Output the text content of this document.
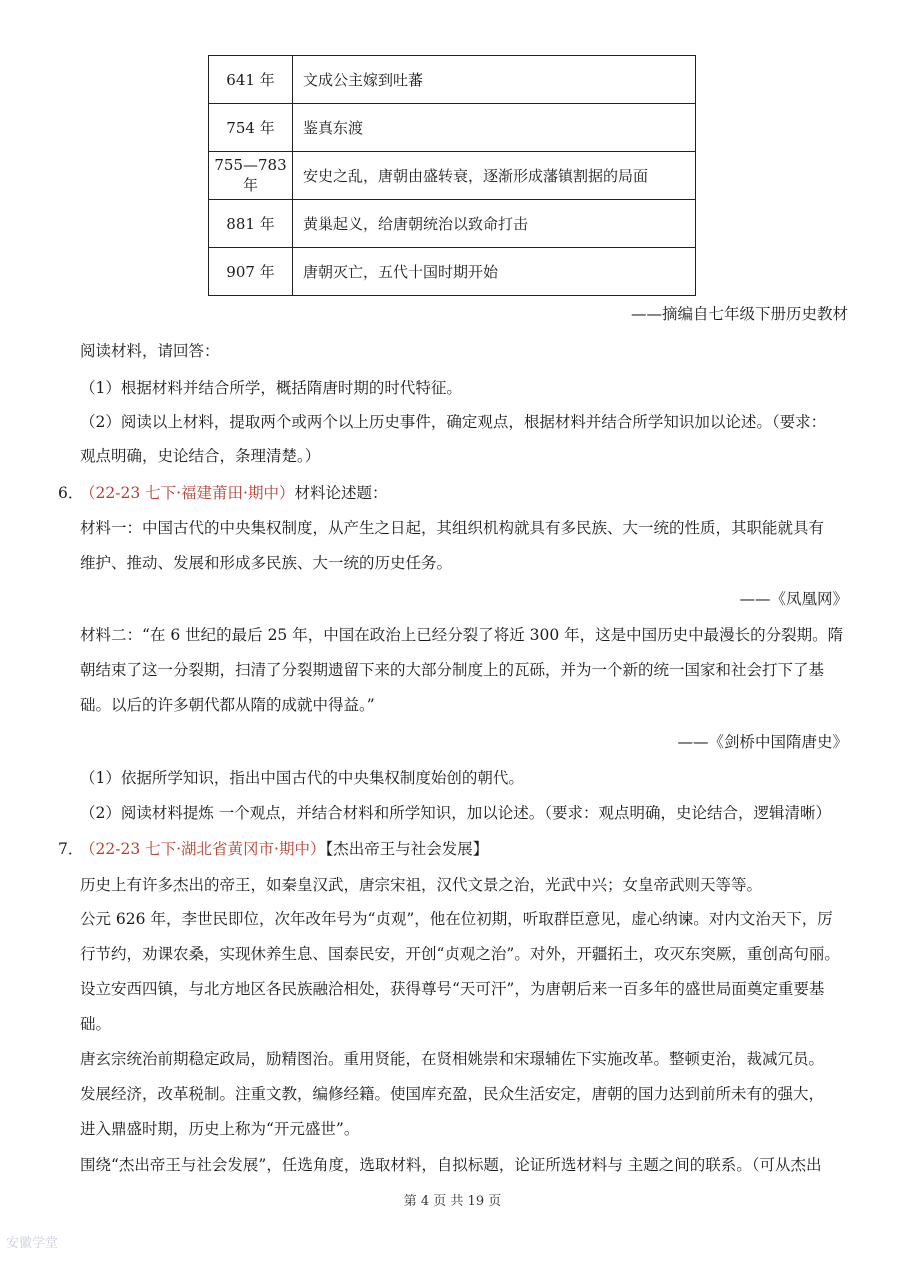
641 年	文成公主嫁到吐蕃
754 年	鉴真东渡
755—783 年	安史之乱，唐朝由盛转衰，逐渐形成藩镇割据的局面
881 年	黄巢起义，给唐朝统治以致命打击
907 年	唐朝灭亡，五代十国时期开始
——摘编自七年级下册历史教材
阅读材料，请回答：
（1）根据材料并结合所学，概括隋唐时期的时代特征。
（2）阅读以上材料，提取两个或两个以上历史事件，确定观点，根据材料并结合所学知识加以论述。（要求：
观点明确，史论结合，条理清楚。）
6．
（22-23 七下·福建莆田·期中）材料论述题：
材料一：中国古代的中央集权制度，从产生之日起，其组织机构就具有多民族、大一统的性质，其职能就具有
维护、推动、发展和形成多民族、大一统的历史任务。
——《凤凰网》
材料二：“在 6 世纪的最后 25 年，中国在政治上已经分裂了将近 300 年，这是中国历史中最漫长的分裂期。隋
朝结束了这一分裂期，扫清了分裂期遗留下来的大部分制度上的瓦砾，并为一个新的统一国家和社会打下了基
础。以后的许多朝代都从隋的成就中得益。”
——《剑桥中国隋唐史》
（1）依据所学知识，指出中国古代的中央集权制度始创的朝代。
（2）阅读材料提炼 一个观点，并结合材料和所学知识，加以论述。（要求：观点明确，史论结合，逻辑清晰）
7．
（22-23 七下·湖北省黄冈市·期中）【杰出帝王与社会发展】
历史上有许多杰出的帝王，如秦皇汉武，唐宗宋祖，汉代文景之治，光武中兴；女皇帝武则天等等。
公元 626 年，李世民即位，次年改年号为“贞观”，他在位初期，听取群臣意见，虚心纳谏。对内文治天下，厉
行节约，劝课农桑，实现休养生息、国泰民安，开创“贞观之治”。对外，开疆拓土，攻灭东突厥，重创高句丽。
设立安西四镇，与北方地区各民族融洽相处，获得尊号“天可汗”，为唐朝后来一百多年的盛世局面奠定重要基
础。
唐玄宗统治前期稳定政局，励精图治。重用贤能，在贤相姚崇和宋璟辅佐下实施改革。整顿吏治，裁减冗员。
发展经济，改革税制。注重文教，编修经籍。使国库充盈，民众生活安定，唐朝的国力达到前所未有的强大，
进入鼎盛时期，历史上称为“开元盛世”。
围绕“杰出帝王与社会发展”，任选角度，选取材料，自拟标题，论证所选材料与 主题之间的联系。（可从杰出
第 4 页 共 19 页
安徽学堂
